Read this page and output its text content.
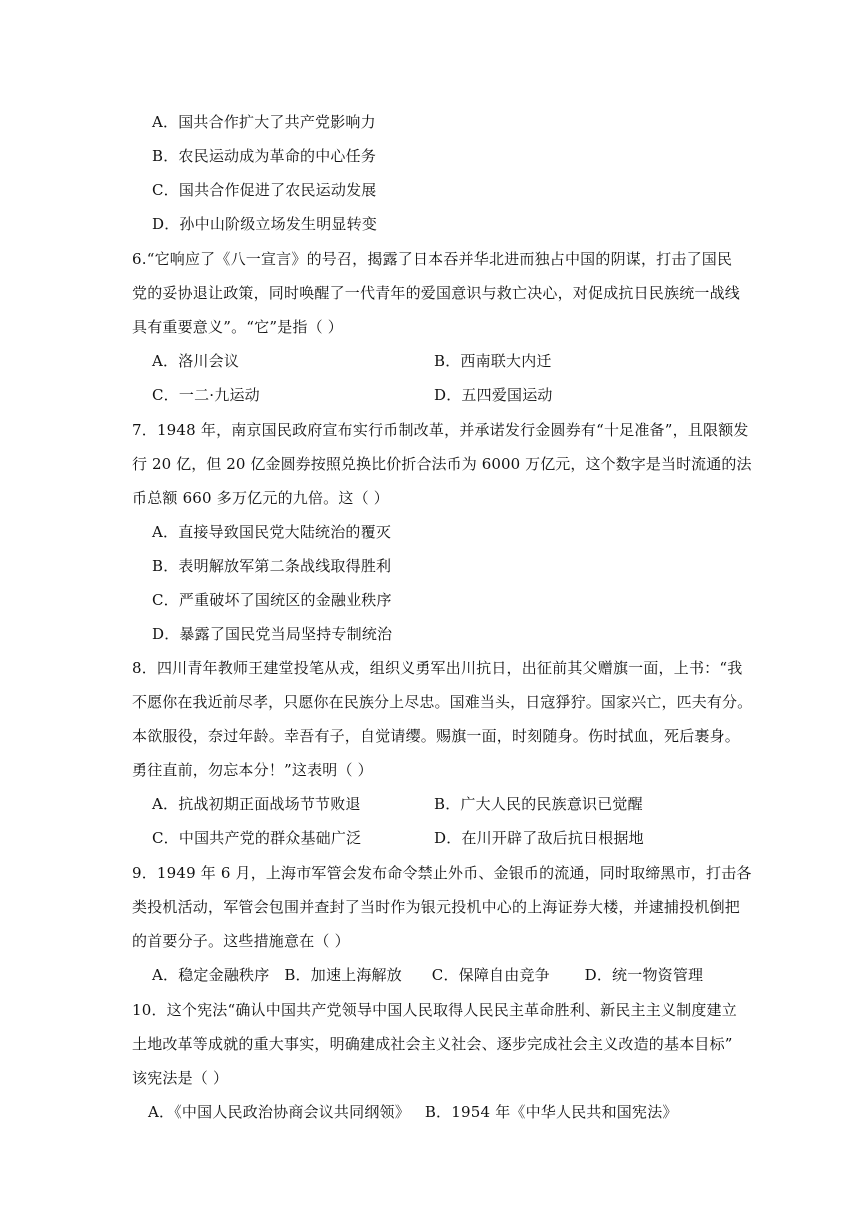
A．国共合作扩大了共产党影响力
B．农民运动成为革命的中心任务
C．国共合作促进了农民运动发展
D．孙中山阶级立场发生明显转变
6.“它响应了《八一宣言》的号召，揭露了日本吞并华北进而独占中国的阴谋，打击了国民
党的妥协退让政策，同时唤醒了一代青年的爱国意识与救亡决心，对促成抗日民族统一战线
具有重要意义”。“它”是指（ ）
A．洛川会议	B．西南联大内迁
C．一二·九运动	D．五四爱国运动
7．1948 年，南京国民政府宣布实行币制改革，并承诺发行金圆券有“十足准备”，且限额发
行 20 亿，但 20 亿金圆券按照兑换比价折合法币为 6000 万亿元，这个数字是当时流通的法
币总额 660 多万亿元的九倍。这（ ）
A．直接导致国民党大陆统治的覆灭
B．表明解放军第二条战线取得胜利
C．严重破坏了国统区的金融业秩序
D．暴露了国民党当局坚持专制统治
8．四川青年教师王建堂投笔从戎，组织义勇军出川抗日，出征前其父赠旗一面，上书：“我
不愿你在我近前尽孝，只愿你在民族分上尽忠。国难当头，日寇猙狞。国家兴亡，匹夫有分。
本欲服役，奈过年龄。幸吾有子，自觉请缨。赐旗一面，时刻随身。伤时拭血，死后裹身。
勇往直前，勿忘本分！”这表明（ ）
A．抗战初期正面战场节节败退	B．广大人民的民族意识已觉醒
C．中国共产党的群众基础广泛	D．在川开辟了敌后抗日根据地
9．1949 年 6 月，上海市军管会发布命令禁止外币、金银币的流通，同时取缔黑市，打击各
类投机活动，军管会包围并查封了当时作为银元投机中心的上海证券大楼，并逮捕投机倒把
的首要分子。这些措施意在（ ）
A．稳定金融秩序   B．加速上海解放      C．保障自由竞争       D．统一物资管理
10．这个宪法“确认中国共产党领导中国人民取得人民民主革命胜利、新民主主义制度建立
土地改革等成就的重大事实，明确建成社会主义社会、逐步完成社会主义改造的基本目标”
该宪法是（ ）
A．《中国人民政治协商会议共同纲领》   B．1954 年《中华人民共和国宪法》
